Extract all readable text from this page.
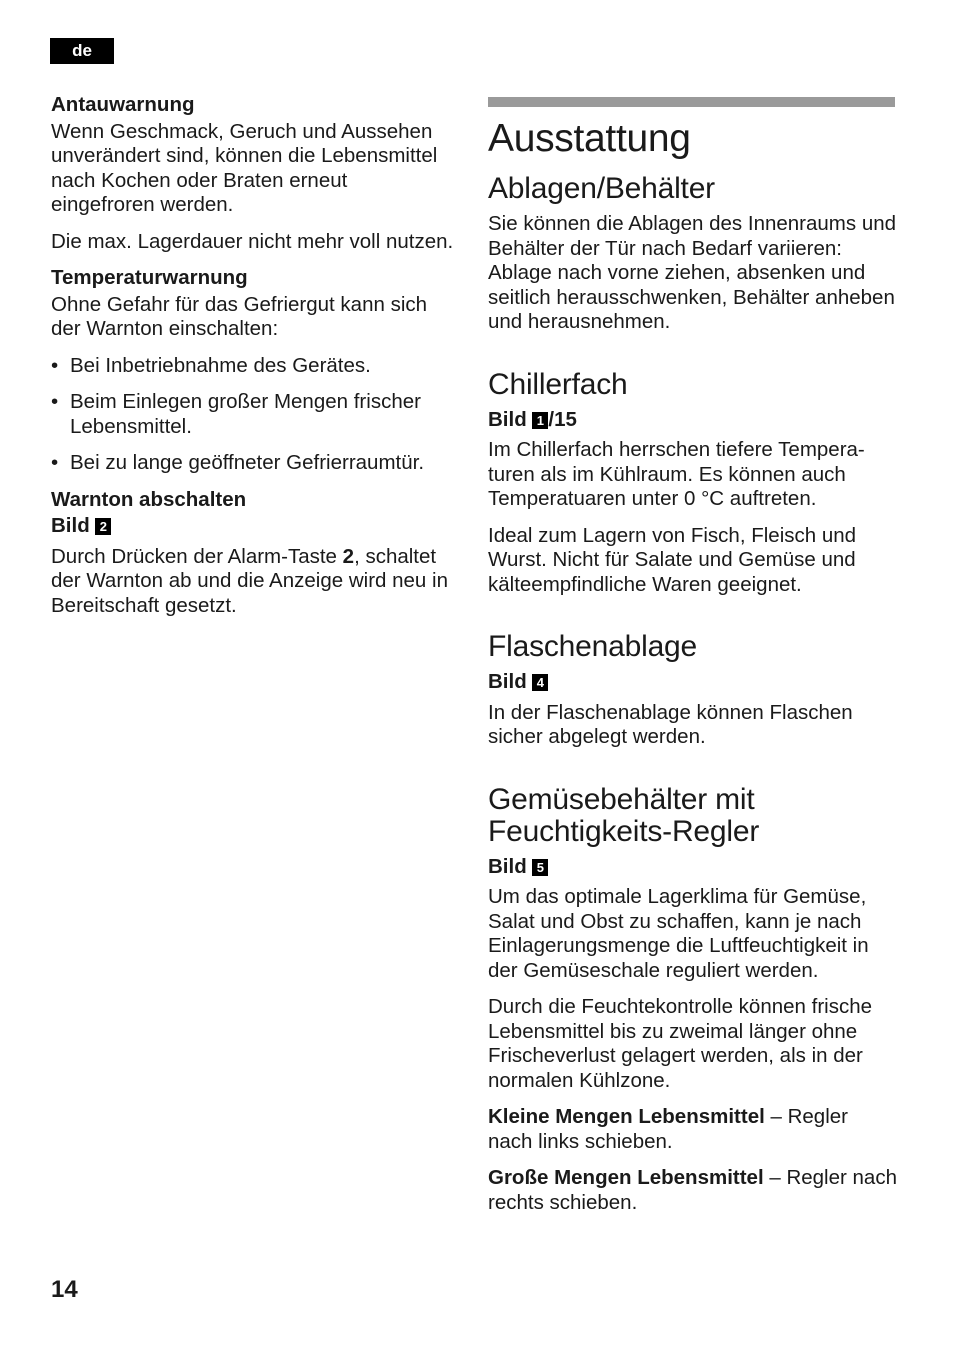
de
Antauwarnung

Wenn Geschmack, Geruch und Aussehen unverändert sind, können die Lebensmittel nach Kochen oder Braten erneut eingefroren werden.

Die max. Lagerdauer nicht mehr voll nutzen.

Temperaturwarnung

Ohne Gefahr für das Gefriergut kann sich der Warnton einschalten:

• Bei Inbetriebnahme des Gerätes.
• Beim Einlegen großer Mengen frischer Lebensmittel.
• Bei zu lange geöffneter Gefrierraumtür.
Warnton abschalten
Bild 2

Durch Drücken der Alarm-Taste 2, schaltet der Warnton ab und die Anzeige wird neu in Bereitschaft gesetzt.

Ausstattung
Ablagen/Behälter

Sie können die Ablagen des Innenraums und Behälter der Tür nach Bedarf variieren: Ablage nach vorne ziehen, absenken und seitlich herausschwenken, Behälter anheben und herausnehmen.

Chillerfach
Bild 1 /15

Im Chillerfach herrschen tiefere Tempera-turen als im Kühlraum. Es können auch Temperatuaren unter 0 °C auftreten.

Ideal zum Lagern von Fisch, Fleisch und Wurst. Nicht für Salate und Gemüse und kälteempfindliche Waren geeignet.

Flaschenablage
Bild 4

In der Flaschenablage können Flaschen sicher abgelegt werden.

Gemüsebehälter mit
Feuchtigkeits-Regler
Bild 5

Um das optimale Lagerklima für Gemüse, Salat und Obst zu schaffen, kann je nach Einlagerungsmenge die Luftfeuchtigkeit in der Gemüseschale reguliert werden.

Durch die Feuchtekontrolle können frische Lebensmittel bis zu zweimal länger ohne Frischeverlust gelagert werden, als in der normalen Kühlzone.

Kleine Mengen Lebensmittel – Regler nach links schieben.

Große Mengen Lebensmittel – Regler nach rechts schieben.

14
